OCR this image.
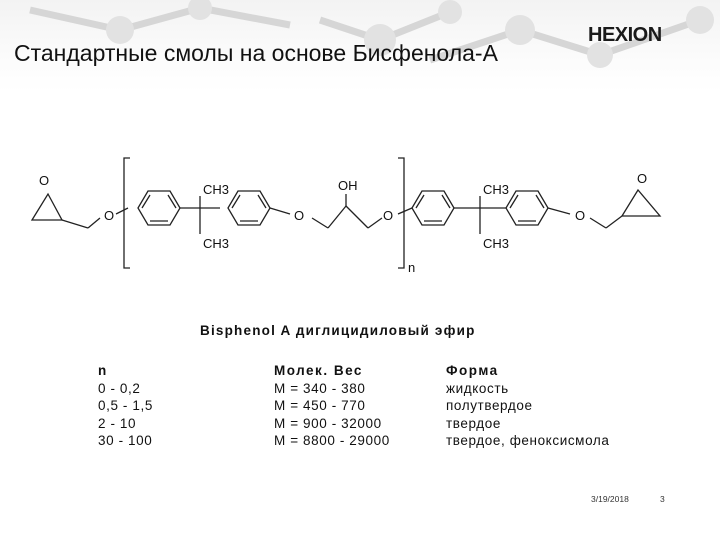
Стандартные смолы на основе Бисфенола-А
HEXION
O
O
CH3
CH3
O
OH
O
CH3
CH3
O
O
n
Bisphenol A диглицидиловый эфир
n
0 - 0,2
0,5 - 1,5
2 - 10
30 - 100
Молек. Вес
M = 340 - 380
M = 450 - 770
M = 900 - 32000
M = 8800 - 29000
Форма
жидкость
полутвердое
твердое
твердое, феноксисмола
3/19/2018	3
